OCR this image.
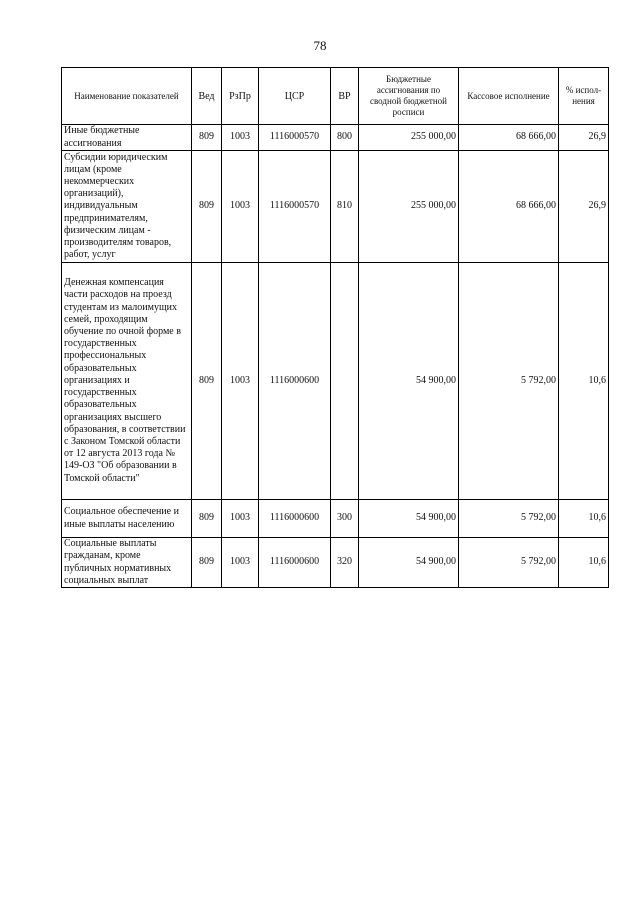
78
Наименование показателей	Вед	РзПр	ЦСР	ВР	Бюджетные ассигнования по сводной бюджетной росписи	Кассовое исполнение	% испол-нения
Иные бюджетные ассигнования	809	1003	1116000570	800	255 000,00	68 666,00	26,9
Субсидии юридическим лицам (кроме некоммерческих организаций), индивидуальным предпринимателям, физическим лицам - производителям товаров, работ, услуг	809	1003	1116000570	810	255 000,00	68 666,00	26,9
Денежная компенсация части расходов на проезд студентам из малоимущих семей, проходящим обучение по очной форме в государственных профессиональных образовательных организациях и государственных образовательных организациях высшего образования, в соответствии с Законом Томской области от 12 августа 2013 года № 149-ОЗ "Об образовании в Томской области"	809	1003	1116000600		54 900,00	5 792,00	10,6
Социальное обеспечение и иные выплаты населению	809	1003	1116000600	300	54 900,00	5 792,00	10,6
Социальные выплаты гражданам, кроме публичных нормативных социальных выплат	809	1003	1116000600	320	54 900,00	5 792,00	10,6
